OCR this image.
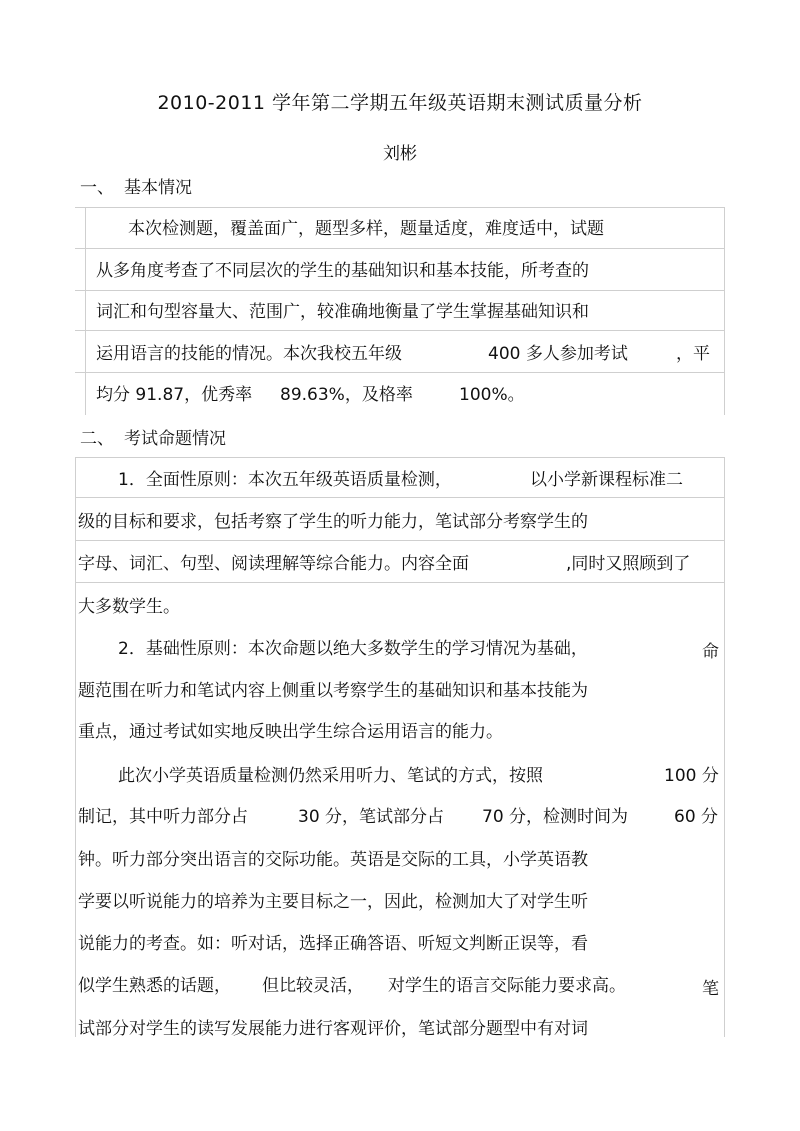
2010-2011 学年第二学期五年级英语期末测试质量分析
刘彬
一、 基本情况
本次检测题，覆盖面广，题型多样，题量适度，难度适中，试题
从多角度考查了不同层次的学生的基础知识和基本技能，所考查的
词汇和句型容量大、范围广，较准确地衡量了学生掌握基础知识和
运用语言的技能的情况。本次我校五年级	400 多人参加考试	，平
均分 91.87，优秀率 89.63%，及格率	100%。
二、 考试命题情况
1．全面性原则：本次五年级英语质量检测，	以小学新课程标准二
级的目标和要求，包括考察了学生的听力能力，笔试部分考察学生的
字母、词汇、句型、阅读理解等综合能力。内容全面	,同时又照顾到了
大多数学生。
2．基础性原则：本次命题以绝大多数学生的学习情况为基础，	命
题范围在听力和笔试内容上侧重以考察学生的基础知识和基本技能为
重点，通过考试如实地反映出学生综合运用语言的能力。
此次小学英语质量检测仍然采用听力、笔试的方式，按照	100 分
制记，其中听力部分占	30 分，笔试部分占 70 分，检测时间为	60 分
钟。听力部分突出语言的交际功能。英语是交际的工具，小学英语教
学要以听说能力的培养为主要目标之一，因此，检测加大了对学生听
说能力的考查。如：听对话，选择正确答语、听短文判断正误等，看
似学生熟悉的话题， 但比较灵活， 对学生的语言交际能力要求高。	笔
试部分对学生的读写发展能力进行客观评价，笔试部分题型中有对词
